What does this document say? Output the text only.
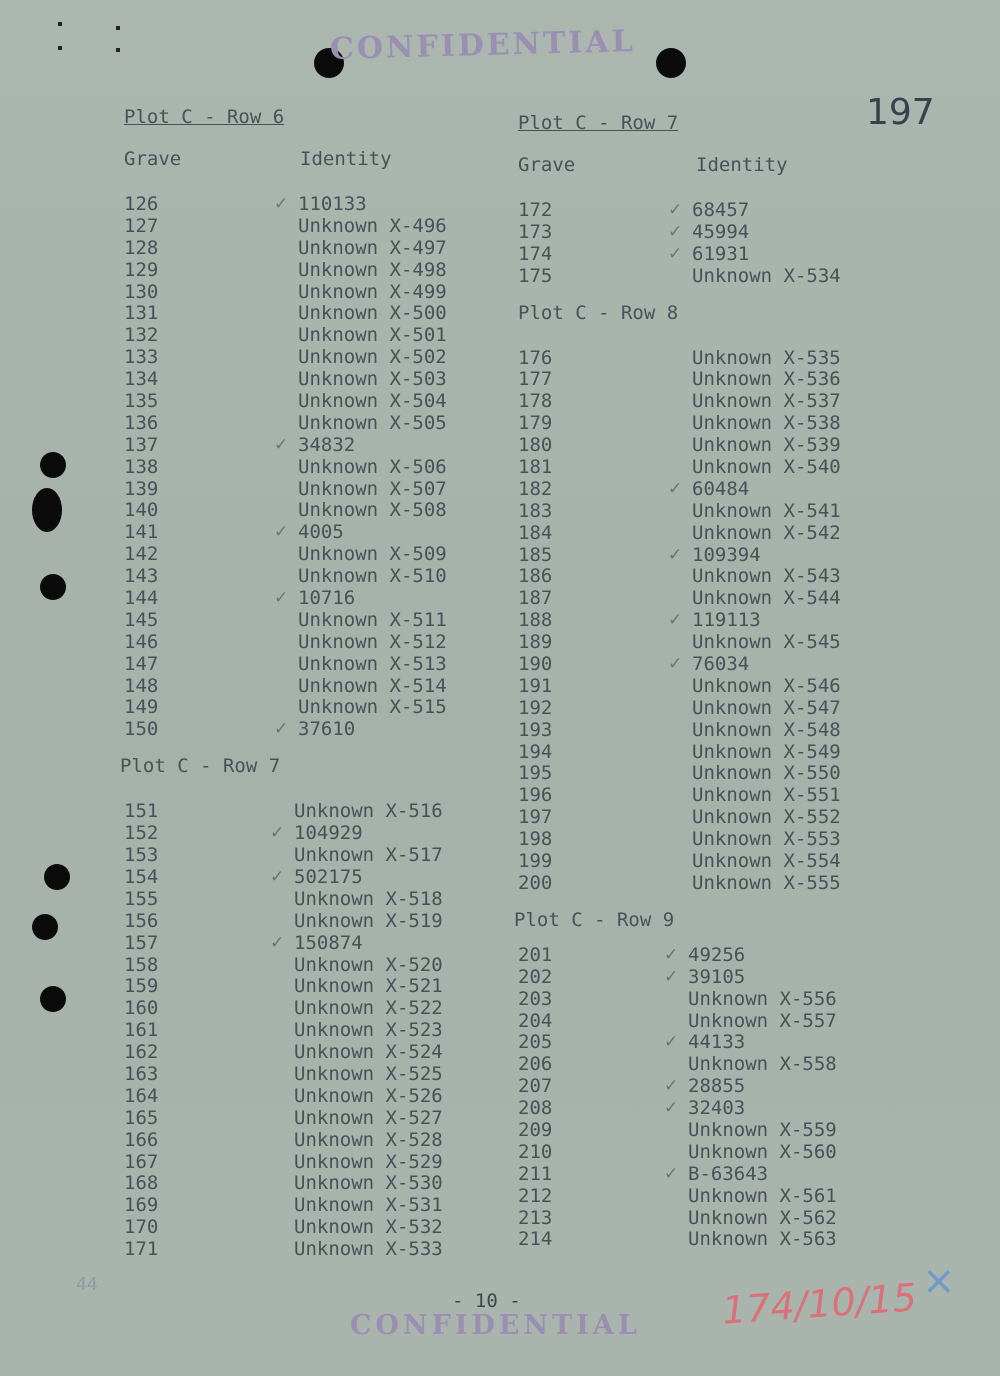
CONFIDENTIAL
197
Plot C - Row 6
Grave	Identity
126	✓ 110133
127	Unknown X-496
128	Unknown X-497
129	Unknown X-498
130	Unknown X-499
131	Unknown X-500
132	Unknown X-501
133	Unknown X-502
134	Unknown X-503
135	Unknown X-504
136	Unknown X-505
137	✓ 34832
138	Unknown X-506
139	Unknown X-507
140	Unknown X-508
141	✓ 4005
142	Unknown X-509
143	Unknown X-510
144	✓ 10716
145	Unknown X-511
146	Unknown X-512
147	Unknown X-513
148	Unknown X-514
149	Unknown X-515
150	✓ 37610
Plot C - Row 7
151	Unknown X-516
152	✓ 104929
153	Unknown X-517
154	✓ 502175
155	Unknown X-518
156	Unknown X-519
157	✓ 150874
158	Unknown X-520
159	Unknown X-521
160	Unknown X-522
161	Unknown X-523
162	Unknown X-524
163	Unknown X-525
164	Unknown X-526
165	Unknown X-527
166	Unknown X-528
167	Unknown X-529
168	Unknown X-530
169	Unknown X-531
170	Unknown X-532
171	Unknown X-533
Plot C - Row 7
Grave	Identity
172	✓ 68457
173	✓ 45994
174	✓ 61931
175	Unknown X-534
Plot C - Row 8
176	Unknown X-535
177	Unknown X-536
178	Unknown X-537
179	Unknown X-538
180	Unknown X-539
181	Unknown X-540
182	✓ 60484
183	Unknown X-541
184	Unknown X-542
185	✓ 109394
186	Unknown X-543
187	Unknown X-544
188	✓ 119113
189	Unknown X-545
190	✓ 76034
191	Unknown X-546
192	Unknown X-547
193	Unknown X-548
194	Unknown X-549
195	Unknown X-550
196	Unknown X-551
197	Unknown X-552
198	Unknown X-553
199	Unknown X-554
200	Unknown X-555
Plot C - Row 9
201	✓ 49256
202	✓ 39105
203	Unknown X-556
204	Unknown X-557
205	✓ 44133
206	Unknown X-558
207	✓ 28855
208	✓ 32403
209	Unknown X-559
210	Unknown X-560
211	✓ B-63643
212	Unknown X-561
213	Unknown X-562
214	Unknown X-563
44
- 10 -
CONFIDENTIAL 174/10/15 ×
